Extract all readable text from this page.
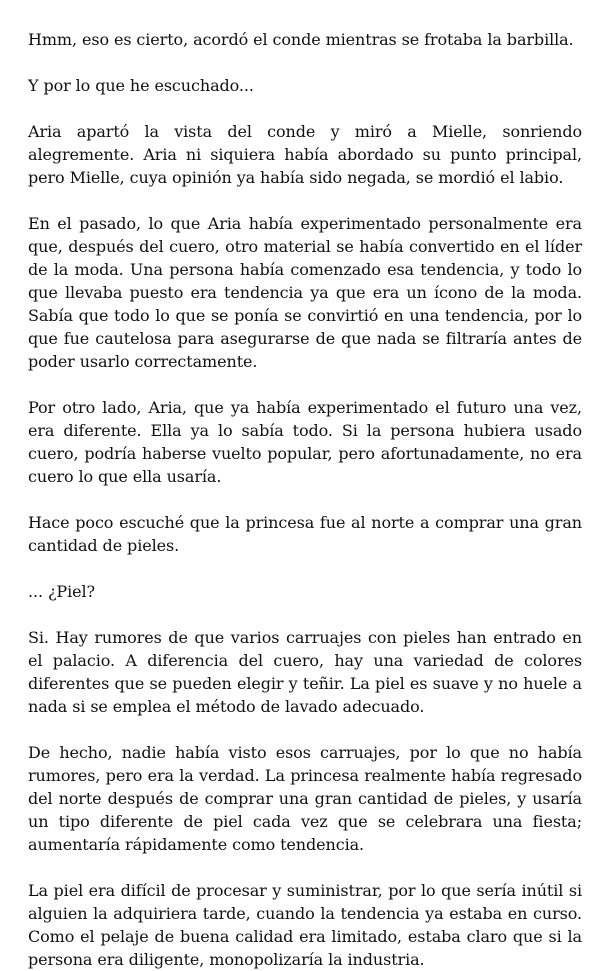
Hmm, eso es cierto, acordó el conde mientras se frotaba la barbilla.

Y por lo que he escuchado...

Aria apartó la vista del conde y miró a Mielle, sonriendo alegremente. Aria ni siquiera había abordado su punto principal, pero Mielle, cuya opinión ya había sido negada, se mordió el labio.

En el pasado, lo que Aria había experimentado personalmente era que, después del cuero, otro material se había convertido en el líder de la moda. Una persona había comenzado esa tendencia, y todo lo que llevaba puesto era tendencia ya que era un ícono de la moda. Sabía que todo lo que se ponía se convirtió en una tendencia, por lo que fue cautelosa para asegurarse de que nada se filtraría antes de poder usarlo correctamente.

Por otro lado, Aria, que ya había experimentado el futuro una vez, era diferente. Ella ya lo sabía todo. Si la persona hubiera usado cuero, podría haberse vuelto popular, pero afortunadamente, no era cuero lo que ella usaría.

Hace poco escuché que la princesa fue al norte a comprar una gran cantidad de pieles.

... ¿Piel?

Si. Hay rumores de que varios carruajes con pieles han entrado en el palacio. A diferencia del cuero, hay una variedad de colores diferentes que se pueden elegir y teñir. La piel es suave y no huele a nada si se emplea el método de lavado adecuado.

De hecho, nadie había visto esos carruajes, por lo que no había rumores, pero era la verdad. La princesa realmente había regresado del norte después de comprar una gran cantidad de pieles, y usaría un tipo diferente de piel cada vez que se celebrara una fiesta; aumentaría rápidamente como tendencia.

La piel era difícil de procesar y suministrar, por lo que sería inútil si alguien la adquiriera tarde, cuando la tendencia ya estaba en curso. Como el pelaje de buena calidad era limitado, estaba claro que si la persona era diligente, monopolizaría la industria.
